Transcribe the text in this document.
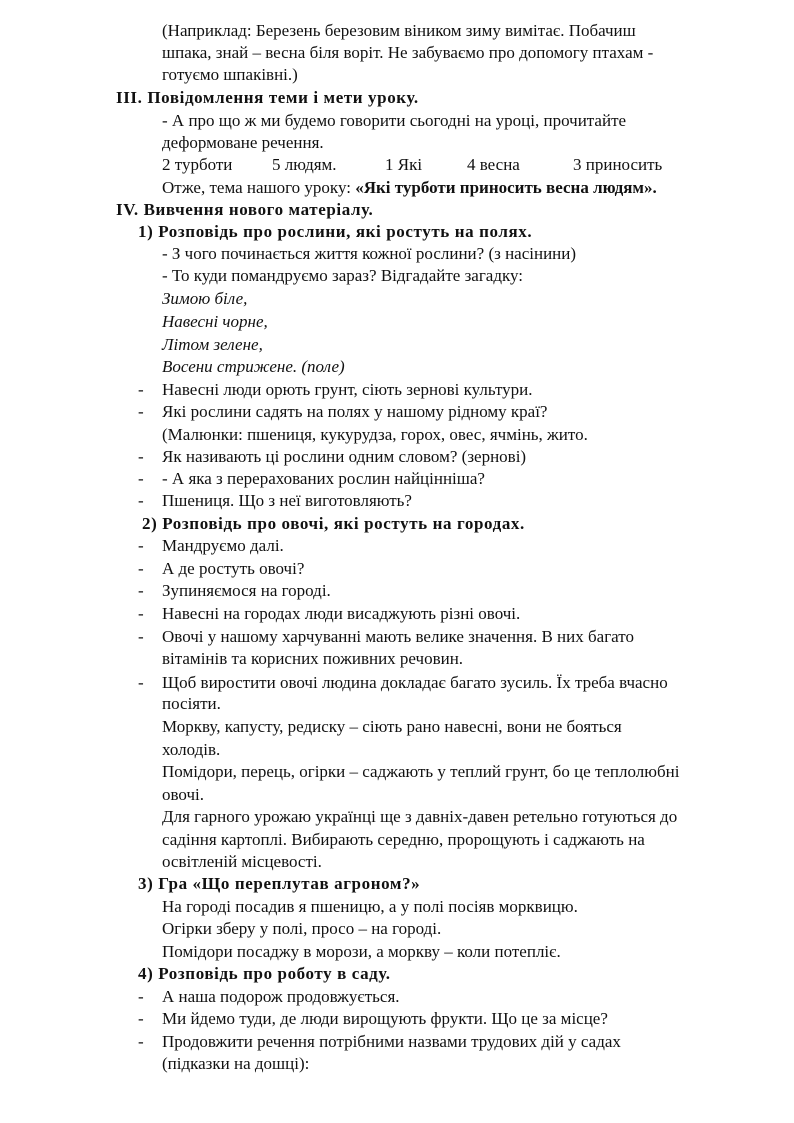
(Наприклад: Березень березовим віником зиму вимітає. Побачиш
шпака, знай – весна біля воріт. Не забуваємо про допомогу птахам -
готуємо шпаківні.)
III. Повідомлення теми і мети уроку.
- А про що ж ми будемо говорити сьогодні на уроці, прочитайте
деформоване речення.
2 турботи 5 людям.	1 Які	4 весна	3 приносить
Отже, тема нашого уроку: «Які турботи приносить весна людям».
IV. Вивчення нового матеріалу.
1) Розповідь про рослини, які ростуть на полях.
- З чого починається життя кожної рослини? (з насінини)
- То куди помандруємо зараз? Відгадайте загадку:
Зимою біле,
Навесні чорне,
Літом зелене,
Восени стрижене. (поле)
- Навесні люди орють грунт, сіють зернові культури.
- Які рослини садять на полях у нашому рідному краї?
(Малюнки: пшениця, кукурудза, горох, овес, ячмінь, жито.
- Як називають ці рослини одним словом? (зернові)
- - А яка з перерахованих рослин найцінніша?
- Пшениця. Що з неї виготовляють?
2) Розповідь про овочі, які ростуть на городах.
- Мандруємо далі.
- А де ростуть овочі?
- Зупиняємося на городі.
- Навесні на городах люди висаджують різні овочі.
- Овочі у нашому харчуванні мають велике значення. В них багато
вітамінів та корисних поживних речовин.
- Щоб виростити овочі людина докладає багато зусиль. Їх треба вчасно
посіяти.
Моркву, капусту, редиску – сіють рано навесні, вони не бояться
холодів.
Помідори, перець, огірки – саджають у теплий грунт, бо це теплолюбні
овочі.
Для гарного урожаю українці ще з давніх-давен ретельно готуються до
садіння картоплі. Вибирають середню, пророщують і саджають на
освітленій місцевості.
3) Гра «Що переплутав агроном?»
На городі посадив я пшеницю, а у полі посіяв морквицю.
Огірки зберу у полі, просо – на городі.
Помідори посаджу в морози, а моркву – коли потепліє.
4) Розповідь про роботу в саду.
- А наша подорож продовжується.
- Ми йдемо туди, де люди вирощують фрукти. Що це за місце?
- Продовжити речення потрібними назвами трудових дій у садах
(підказки на дошці):
